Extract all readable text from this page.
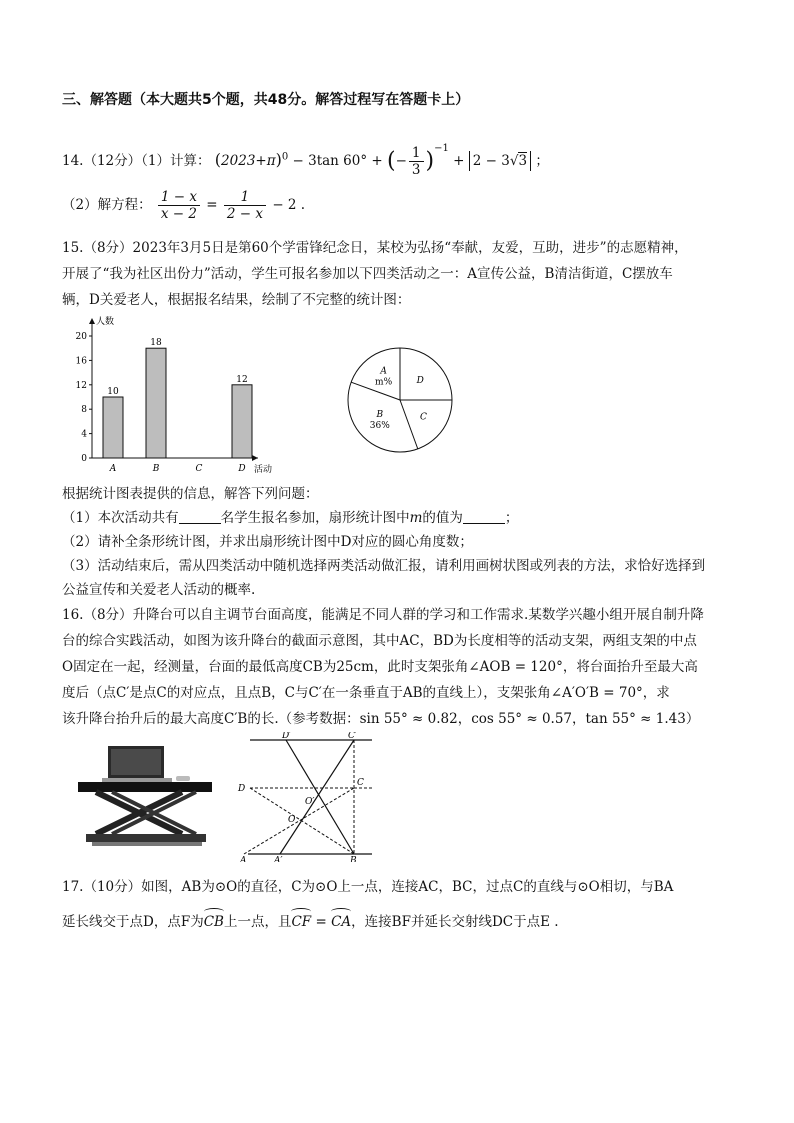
三、解答题（本大题共5个题，共48分。解答过程写在答题卡上）
14.（12分）（1）计算： $(2023+\pi)^0 - 3\tan$ 60° + (− $\frac{1}{3} )^{-1} + 2 - 3√3$ ；
（2）解方程： $\frac{1 - x}{x - 2} = \frac{1}{2 - x} - 2$ .
15.（8分）2023年3月5日是第60个学雷锋纪念日，某校为弘扬“奉献，友爱，互助，进步”的志愿精神，
开展了“我为社区出份力”活动，学生可报名参加以下四类活动之一：A宣传公益，B清洁街道，C摆放车
辆，D关爱老人，根据报名结果，绘制了不完整的统计图：
人数
活动
0
4
8
12
16
20
10
A
18
B	C
12
D
A
m%	D
C
B
36%
根据统计图表提供的信息，解答下列问题：
（1）本次活动共有	名学生报名参加，扇形统计图中m的值为	；
（2）请补全条形统计图，并求出扇形统计图中D对应的圆心角度数；
（3）活动结束后，需从四类活动中随机选择两类活动做汇报，请利用画树状图或列表的方法，求恰好选择到
公益宣传和关爱老人活动的概率.
16.（8分）升降台可以自主调节台面高度，能满足不同人群的学习和工作需求.某数学兴趣小组开展自制升降
台的综合实践活动，如图为该升降台的截面示意图，其中AC，BD为长度相等的活动支架，两组支架的中点
O固定在一起，经测量，台面的最低高度CB为25cm，此时支架张角∠AOB = 120°，将台面抬升至最大高
度后（点C′是点C的对应点，且点B，C与C′在一条垂直于AB的直线上），支架张角∠A′O′B = 70°，求
该升降台抬升后的最大高度C′B的长.（参考数据：sin 55° ≈ 0.82，cos 55° ≈ 0.57，tan 55° ≈ 1.43）
D′	C′
D
C
O′
O
A	A′	B
17.（10分）如图，AB为⊙O的直径，C为⊙O上一点，连接AC，BC，过点C的直线与⊙O相切，与BA
延长线交于点D，点F为CB上一点，且CF = CA，连接BF并延长交射线DC于点E .
